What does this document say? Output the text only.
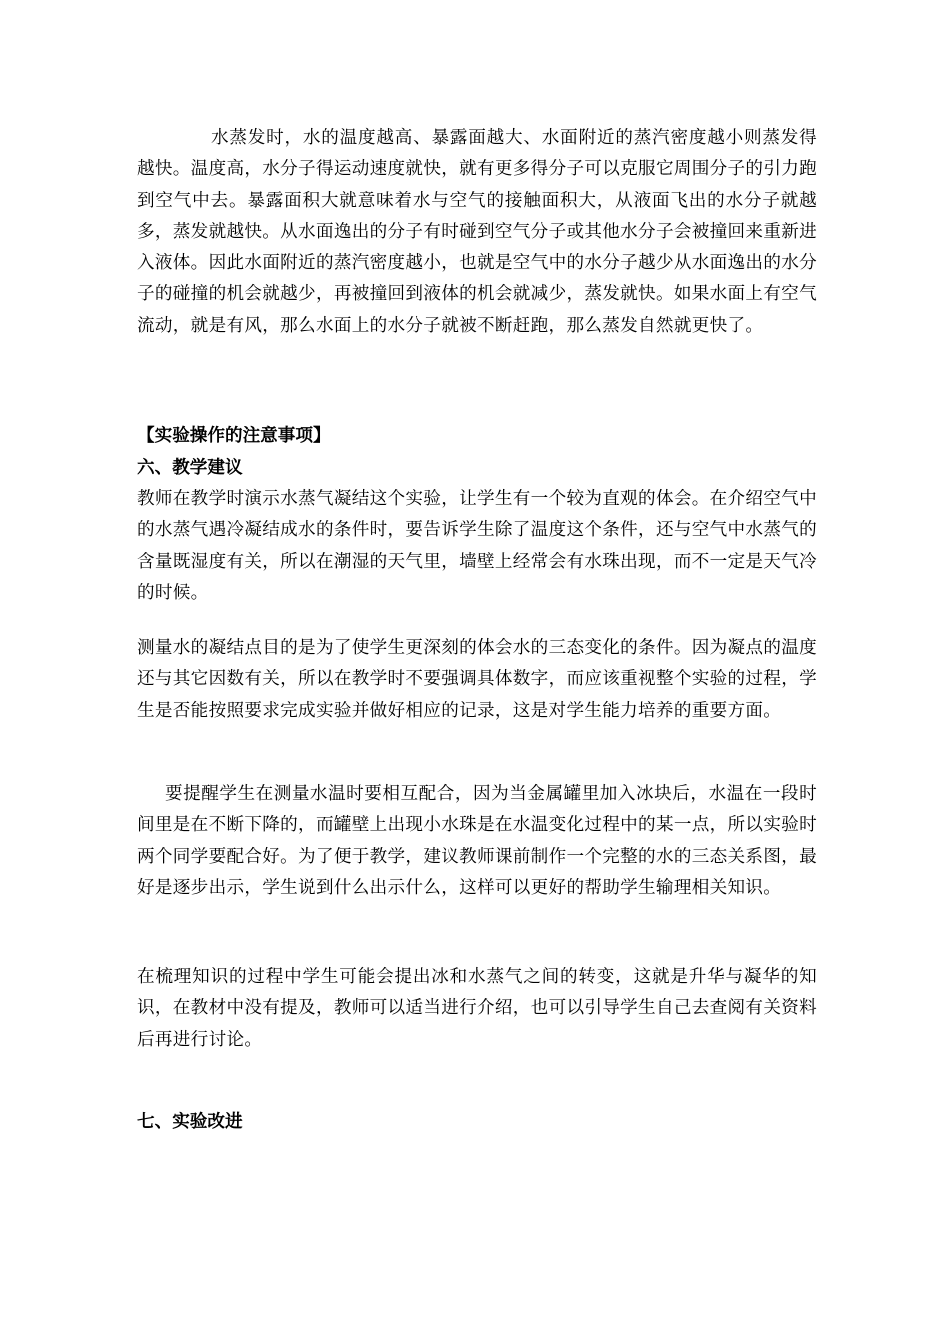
水蒸发时，水的温度越高、暴露面越大、水面附近的蒸汽密度越小则蒸发得越快。温度高，水分子得运动速度就快，就有更多得分子可以克服它周围分子的引力跑到空气中去。暴露面积大就意味着水与空气的接触面积大，从液面飞出的水分子就越多，蒸发就越快。从水面逸出的分子有时碰到空气分子或其他水分子会被撞回来重新进入液体。因此水面附近的蒸汽密度越小，也就是空气中的水分子越少从水面逸出的水分子的碰撞的机会就越少，再被撞回到液体的机会就减少，蒸发就快。如果水面上有空气流动，就是有风，那么水面上的水分子就被不断赶跑，那么蒸发自然就更快了。

【实验操作的注意事项】

六、教学建议

教师在教学时演示水蒸气凝结这个实验，让学生有一个较为直观的体会。在介绍空气中的水蒸气遇冷凝结成水的条件时，要告诉学生除了温度这个条件，还与空气中水蒸气的含量既湿度有关，所以在潮湿的天气里，墙壁上经常会有水珠出现，而不一定是天气冷的时候。

测量水的凝结点目的是为了使学生更深刻的体会水的三态变化的条件。因为凝点的温度还与其它因数有关，所以在教学时不要强调具体数字，而应该重视整个实验的过程，学生是否能按照要求完成实验并做好相应的记录，这是对学生能力培养的重要方面。

要提醒学生在测量水温时要相互配合，因为当金属罐里加入冰块后，水温在一段时间里是在不断下降的，而罐壁上出现小水珠是在水温变化过程中的某一点，所以实验时两个同学要配合好。为了便于教学，建议教师课前制作一个完整的水的三态关系图，最好是逐步出示，学生说到什么出示什么，这样可以更好的帮助学生输理相关知识。

在梳理知识的过程中学生可能会提出冰和水蒸气之间的转变，这就是升华与凝华的知识，在教材中没有提及，教师可以适当进行介绍，也可以引导学生自己去查阅有关资料后再进行讨论。

七、实验改进
